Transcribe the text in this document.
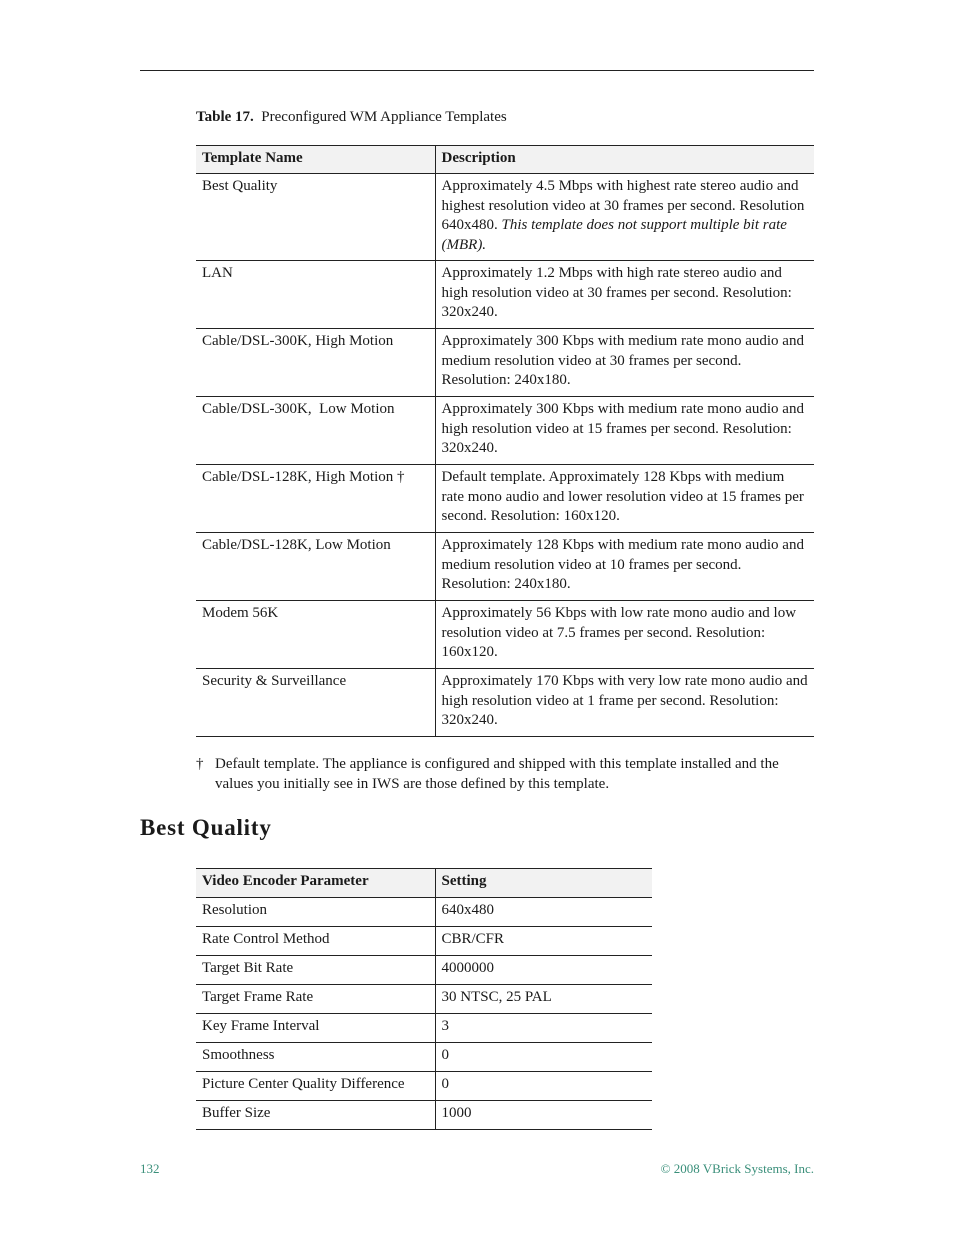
Table 17. Preconfigured WM Appliance Templates
Template Name	Description
Best Quality	Approximately 4.5 Mbps with highest rate stereo audio and highest resolution video at 30 frames per second. Resolution 640x480. This template does not support multiple bit rate (MBR).
LAN	Approximately 1.2 Mbps with high rate stereo audio and high resolution video at 30 frames per second. Resolution: 320x240.
Cable/DSL-300K, High Motion	Approximately 300 Kbps with medium rate mono audio and medium resolution video at 30 frames per second. Resolution: 240x180.
Cable/DSL-300K,  Low Motion	Approximately 300 Kbps with medium rate mono audio and high resolution video at 15 frames per second. Resolution: 320x240.
Cable/DSL-128K, High Motion †	Default template. Approximately 128 Kbps with medium rate mono audio and lower resolution video at 15 frames per second. Resolution: 160x120.
Cable/DSL-128K, Low Motion	Approximately 128 Kbps with medium rate mono audio and medium resolution video at 10 frames per second. Resolution: 240x180.
Modem 56K	Approximately 56 Kbps with low rate mono audio and low resolution video at 7.5 frames per second. Resolution: 160x120.
Security & Surveillance	Approximately 170 Kbps with very low rate mono audio and high resolution video at 1 frame per second. Resolution: 320x240.
† Default template. The appliance is configured and shipped with this template installed and the values you initially see in IWS are those defined by this template.
Best Quality
Video Encoder Parameter	Setting
Resolution	640x480
Rate Control Method	CBR/CFR
Target Bit Rate	4000000
Target Frame Rate	30 NTSC, 25 PAL
Key Frame Interval	3
Smoothness	0
Picture Center Quality Difference	0
Buffer Size	1000
132	© 2008 VBrick Systems, Inc.
